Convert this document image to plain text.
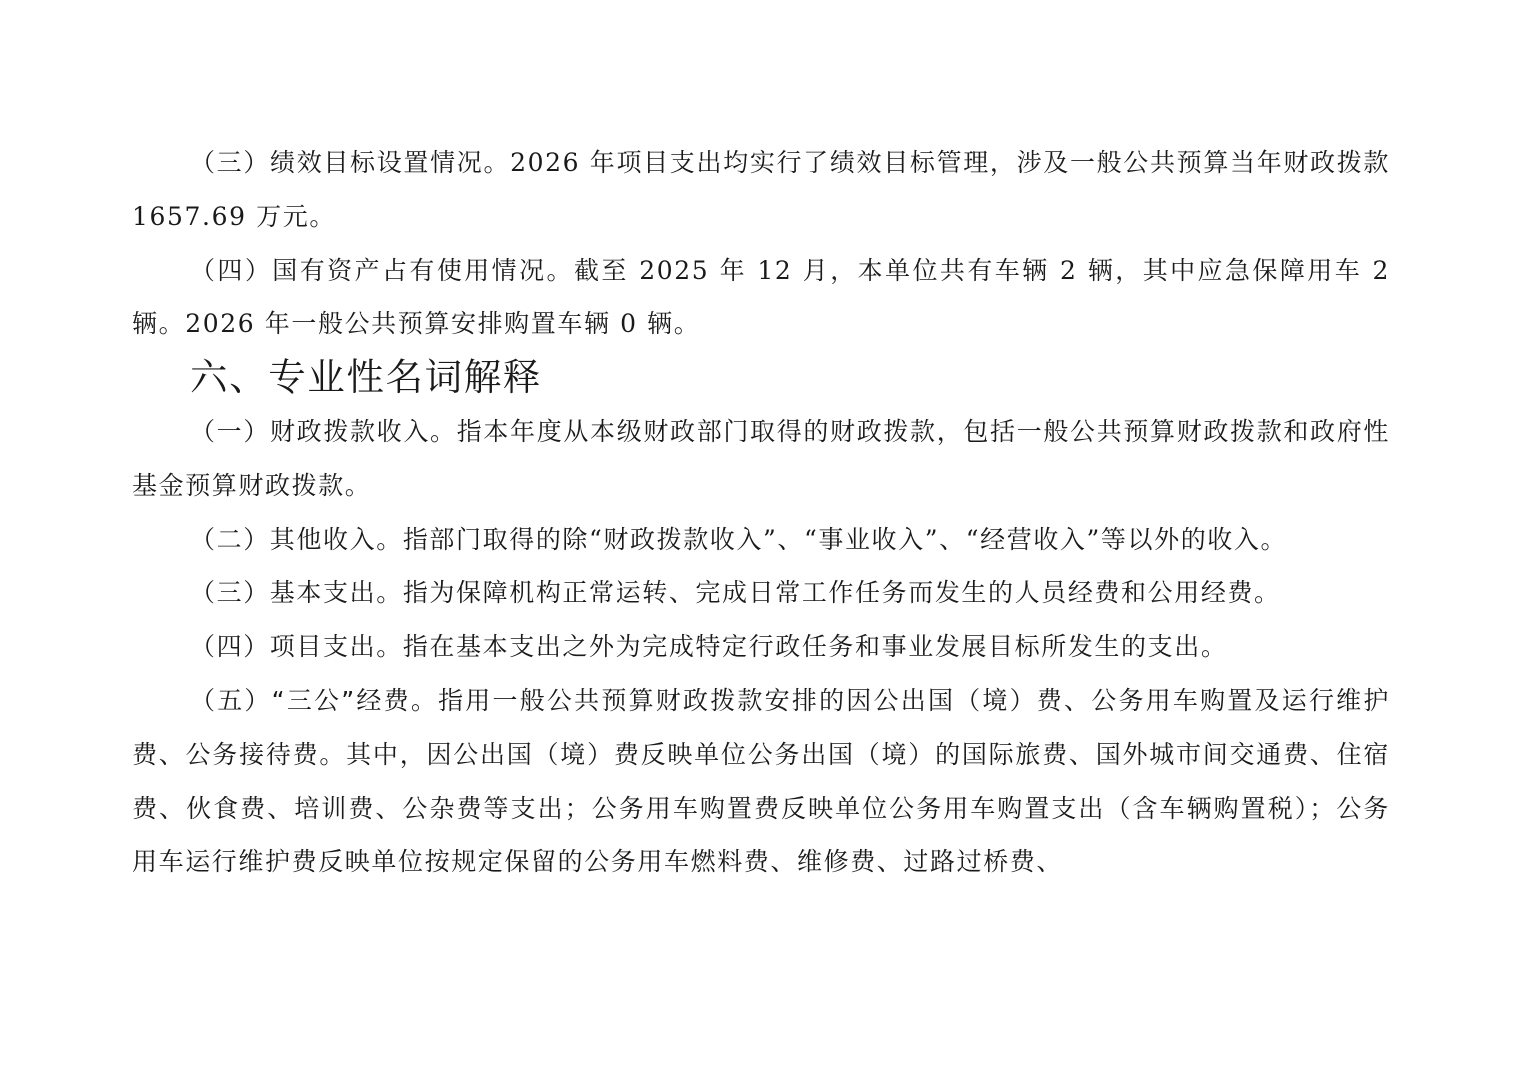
（三）绩效目标设置情况。2026 年项目支出均实行了绩效目标管理，涉及一般公共预算当年财政拨款 1657.69 万元。

（四）国有资产占有使用情况。截至 2025 年 12 月，本单位共有车辆 2 辆，其中应急保障用车 2 辆。2026 年一般公共预算安排购置车辆 0 辆。

六、专业性名词解释

（一）财政拨款收入。指本年度从本级财政部门取得的财政拨款，包括一般公共预算财政拨款和政府性基金预算财政拨款。

（二）其他收入。指部门取得的除“财政拨款收入”、“事业收入”、“经营收入”等以外的收入。

（三）基本支出。指为保障机构正常运转、完成日常工作任务而发生的人员经费和公用经费。

（四）项目支出。指在基本支出之外为完成特定行政任务和事业发展目标所发生的支出。

（五）“三公”经费。指用一般公共预算财政拨款安排的因公出国（境）费、公务用车购置及运行维护费、公务接待费。其中，因公出国（境）费反映单位公务出国（境）的国际旅费、国外城市间交通费、住宿费、伙食费、培训费、公杂费等支出；公务用车购置费反映单位公务用车购置支出（含车辆购置税）；公务用车运行维护费反映单位按规定保留的公务用车燃料费、维修费、过路过桥费、
